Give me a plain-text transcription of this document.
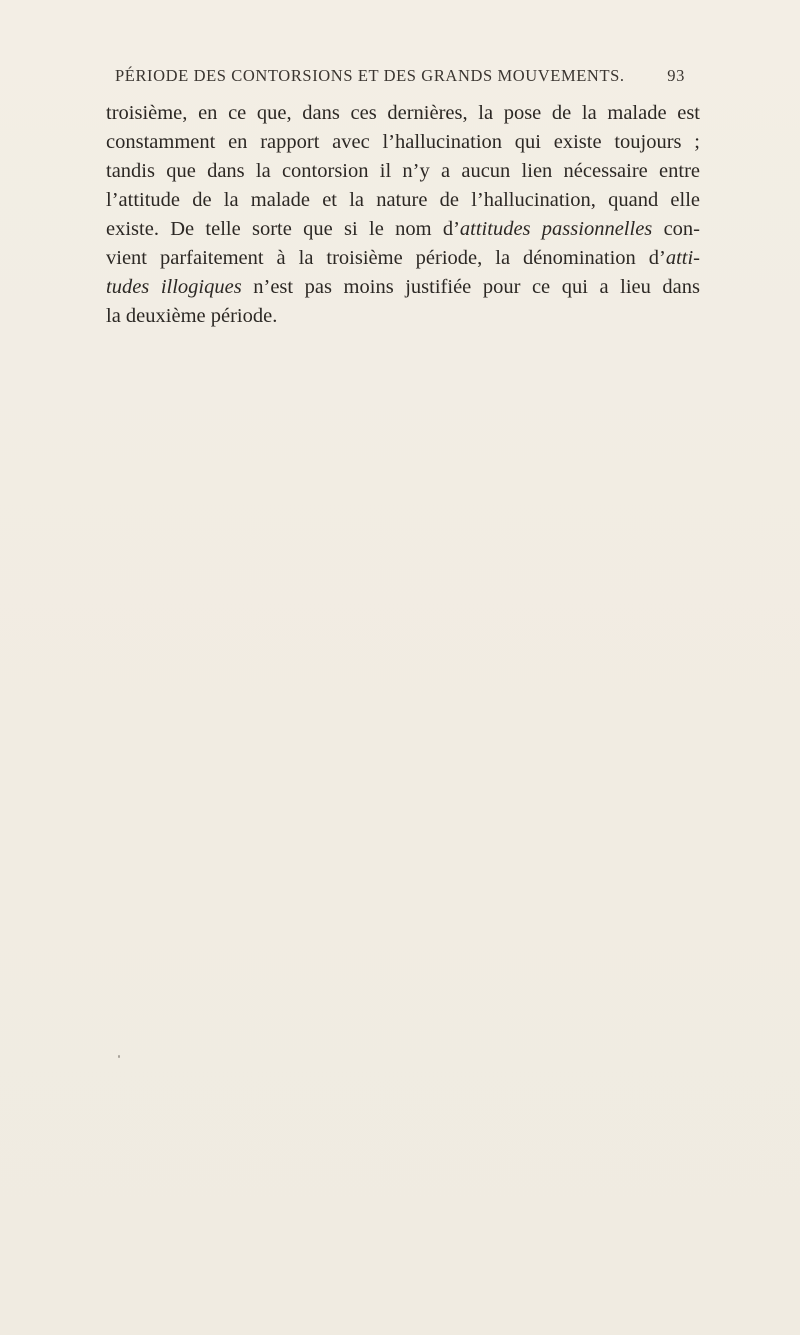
PÉRIODE DES CONTORSIONS ET DES GRANDS MOUVEMENTS.	93
troisième, en ce que, dans ces dernières, la pose de la malade est
constamment en rapport avec l’hallucination qui existe toujours ;
tandis que dans la contorsion il n’y a aucun lien nécessaire entre
l’attitude de la malade et la nature de l’hallucination, quand elle
existe. De telle sorte que si le nom d’attitudes passionnelles con-
vient parfaitement à la troisième période, la dénomination d’atti-
tudes illogiques n’est pas moins justifiée pour ce qui a lieu dans
la deuxième période.
